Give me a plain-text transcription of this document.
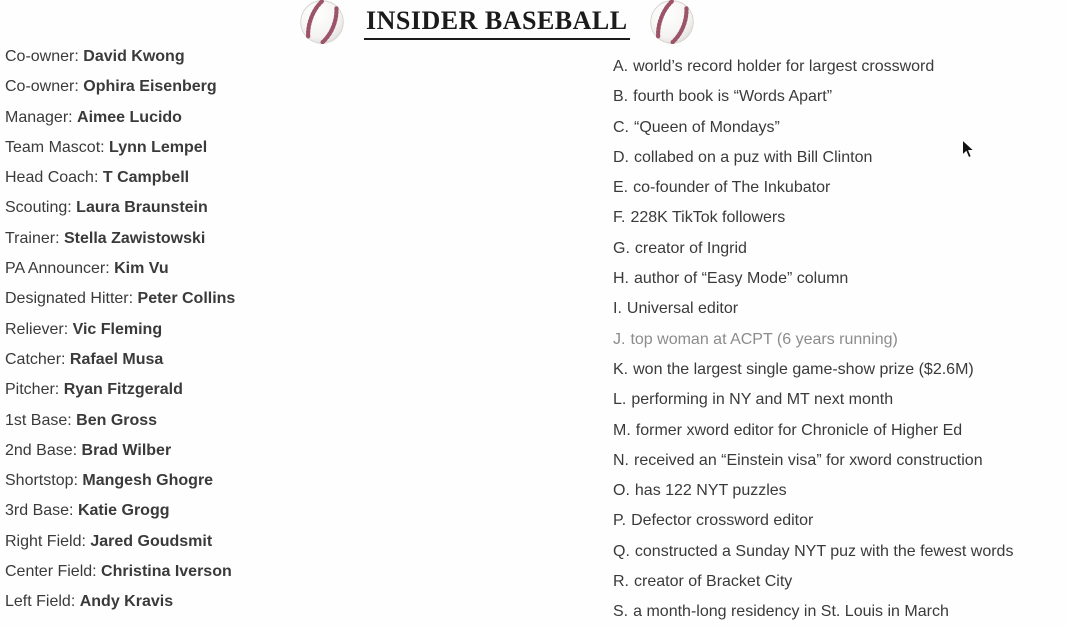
INSIDER BASEBALL
Co-owner: David Kwong
Co-owner: Ophira Eisenberg
Manager: Aimee Lucido
Team Mascot: Lynn Lempel
Head Coach: T Campbell
Scouting: Laura Braunstein
Trainer: Stella Zawistowski
PA Announcer: Kim Vu
Designated Hitter: Peter Collins
Reliever: Vic Fleming
Catcher: Rafael Musa
Pitcher: Ryan Fitzgerald
1st Base: Ben Gross
2nd Base: Brad Wilber
Shortstop: Mangesh Ghogre
3rd Base: Katie Grogg
Right Field: Jared Goudsmit
Center Field: Christina Iverson
Left Field: Andy Kravis
A. world’s record holder for largest crossword
B. fourth book is “Words Apart”
C. “Queen of Mondays”
D. collabed on a puz with Bill Clinton
E. co-founder of The Inkubator
F. 228K TikTok followers
G. creator of Ingrid
H. author of “Easy Mode” column
I. Universal editor
J. top woman at ACPT (6 years running)
K. won the largest single game-show prize ($2.6M)
L. performing in NY and MT next month
M. former xword editor for Chronicle of Higher Ed
N. received an “Einstein visa” for xword construction
O. has 122 NYT puzzles
P. Defector crossword editor
Q. constructed a Sunday NYT puz with the fewest words
R. creator of Bracket City
S. a month-long residency in St. Louis in March
